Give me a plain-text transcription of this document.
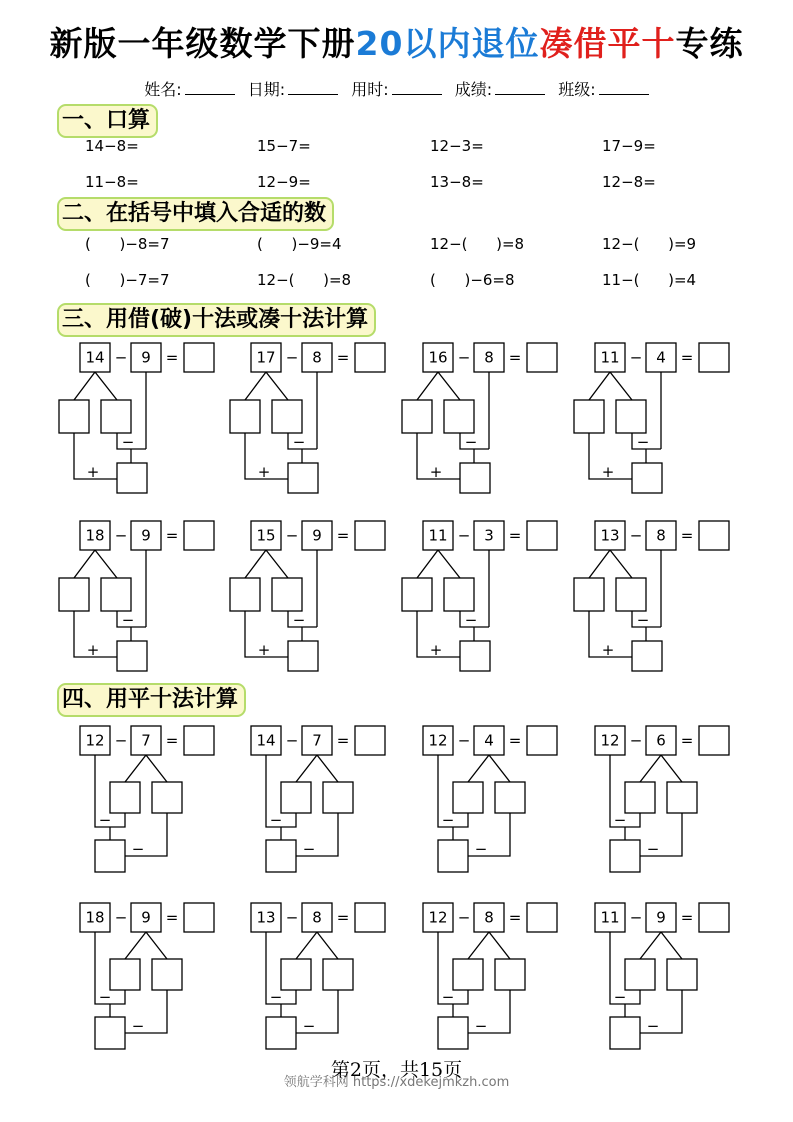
新版一年级数学下册20以内退位凑借平十专练
姓名:	日期:	用时:	成绩:	班级:
一、口算
14−8=	15−7=	12−3=	17−9=
11−8=	12−9=	13−8=	12−8=
二、在括号中填入合适的数
(      )−8=7	(      )−9=4	12−(      )=8	12−(      )=9
(      )−7=7	12−(      )=8	(      )−6=8	11−(      )=4
三、用借(破)十法或凑十法计算
四、用平十法计算
14 − 9 =
−
+
17 − 8 =
−
+
16 − 8 =
−
+
11 − 4 =
−
+
18 − 9 =
−
+
15 − 9 =
−
+
11 − 3 =
−
+
13 − 8 =
−
+
12 − 7 =
−
−
14 − 7 =
−
−
12 − 4 =
−
−
12 − 6 =
−
−
18 − 9 =
−
−
13 − 8 =
−
−
12 − 8 =
−
−
11 − 9 =
−
−
第2页，共15页
领航学科网 https://xdekejmkzh.com
